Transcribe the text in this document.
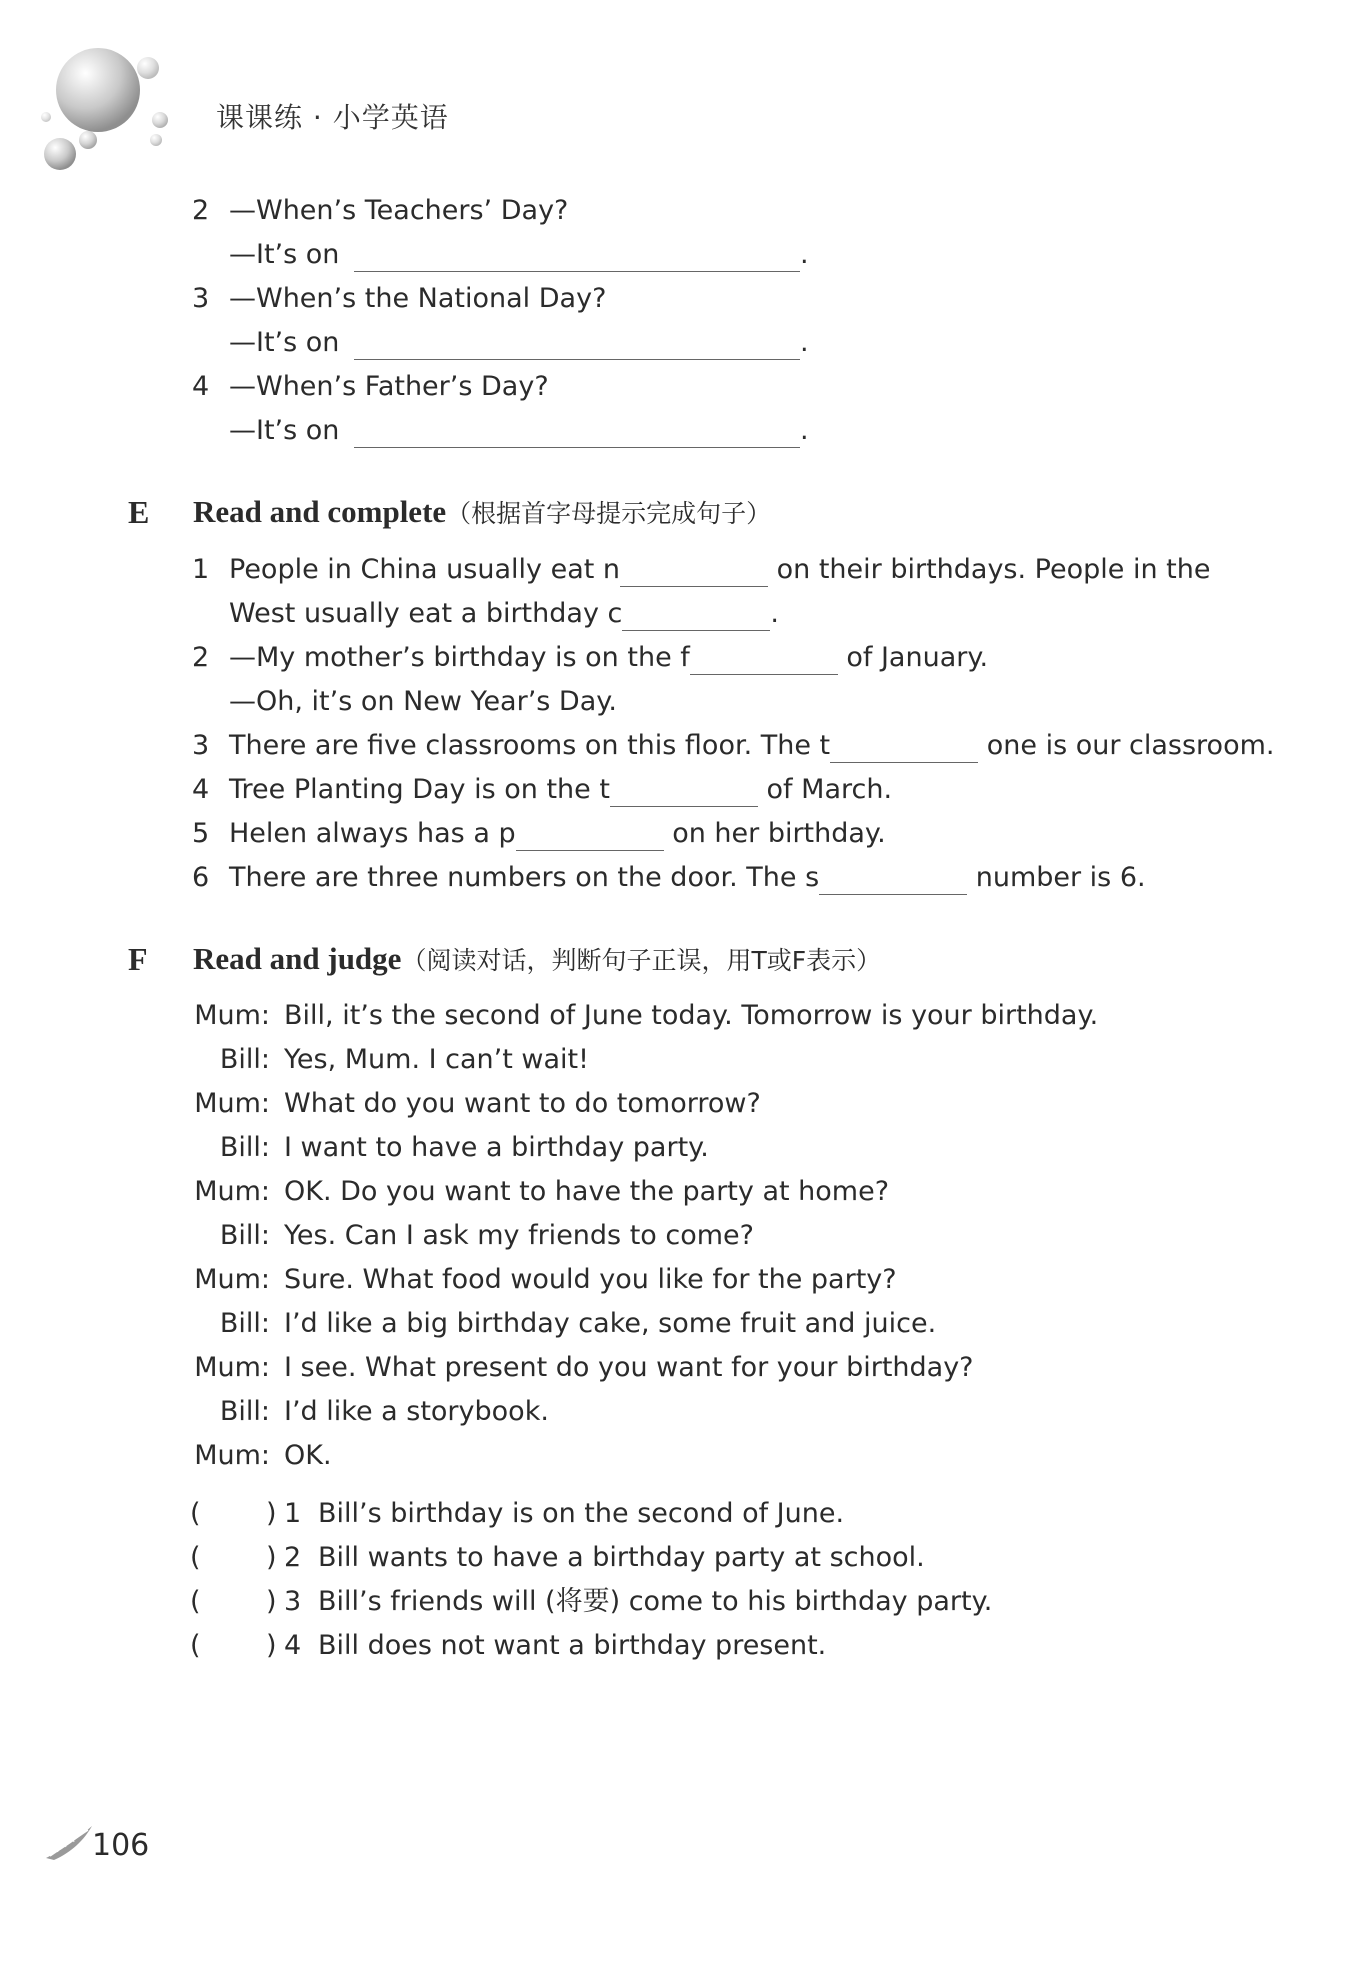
课课练 · 小学英语
2 —When’s Teachers’ Day?
—It’s on	.
3 —When’s the National Day?
—It’s on	.
4 —When’s Father’s Day?
—It’s on	.
E Read and complete（根据首字母提示完成句子）
1 People in China usually eat n	on their birthdays. People in the
West usually eat a birthday c	.
2 —My mother’s birthday is on the f	of January.
—Oh, it’s on New Year’s Day.
3 There are five classrooms on this floor. The t	one is our classroom.
4 Tree Planting Day is on the t	of March.
5 Helen always has a p	on her birthday.
6 There are three numbers on the door. The s	number is 6.
F Read and judge（阅读对话，判断句子正误，用T或F表示）
Mum: Bill, it’s the second of June today. Tomorrow is your birthday.
Bill: Yes, Mum. I can’t wait!
Mum: What do you want to do tomorrow?
Bill: I want to have a birthday party.
Mum: OK. Do you want to have the party at home?
Bill: Yes. Can I ask my friends to come?
Mum: Sure. What food would you like for the party?
Bill: I’d like a big birthday cake, some fruit and juice.
Mum: I see. What present do you want for your birthday?
Bill: I’d like a storybook.
Mum: OK.
( ) 1 Bill’s birthday is on the second of June.
( ) 2 Bill wants to have a birthday party at school.
( ) 3 Bill’s friends will (将要) come to his birthday party.
( ) 4 Bill does not want a birthday present.
106
